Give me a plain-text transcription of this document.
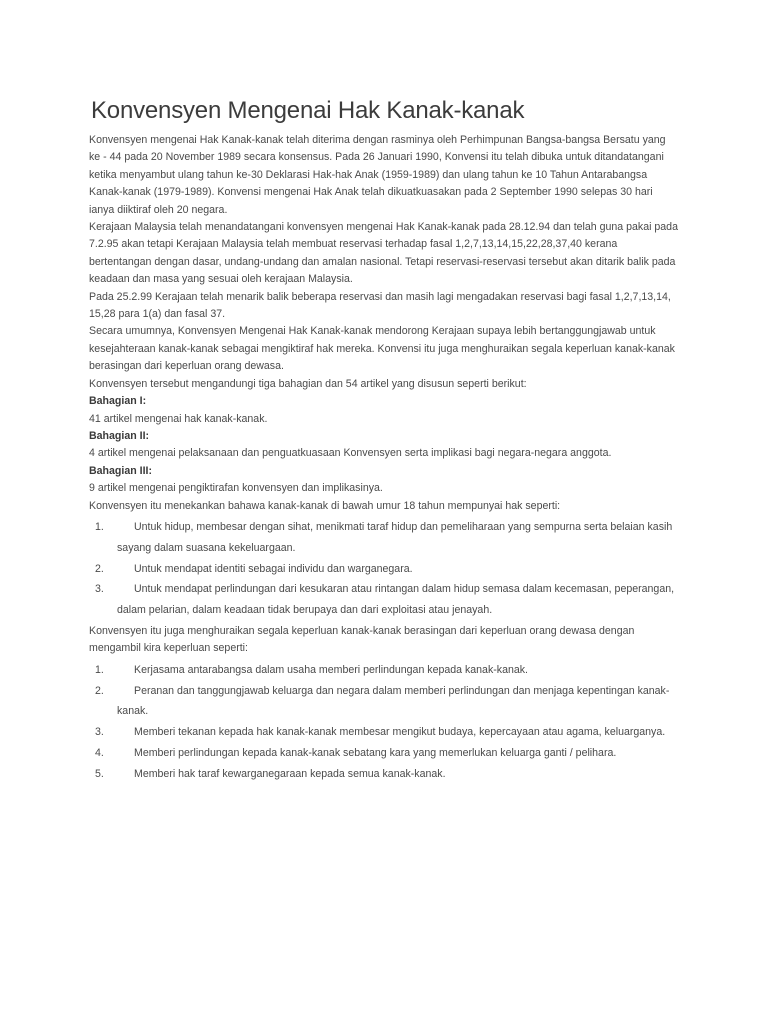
Konvensyen Mengenai Hak Kanak-kanak

Konvensyen mengenai Hak Kanak-kanak telah diterima dengan rasminya oleh Perhimpunan Bangsa-bangsa Bersatu yang ke - 44 pada 20 November 1989 secara konsensus. Pada 26 Januari 1990, Konvensi itu telah dibuka untuk ditandatangani ketika menyambut ulang tahun ke-30 Deklarasi Hak-hak Anak (1959-1989) dan ulang tahun ke 10 Tahun Antarabangsa Kanak-kanak (1979-1989). Konvensi mengenai Hak Anak telah dikuatkuasakan pada 2 September 1990 selepas 30 hari ianya diiktiraf oleh 20 negara.

Kerajaan Malaysia telah menandatangani konvensyen mengenai Hak Kanak-kanak pada 28.12.94 dan telah guna pakai pada 7.2.95 akan tetapi Kerajaan Malaysia telah membuat reservasi terhadap fasal 1,2,7,13,14,15,22,28,37,40 kerana bertentangan dengan dasar, undang-undang dan amalan nasional. Tetapi reservasi-reservasi tersebut akan ditarik balik pada keadaan dan masa yang sesuai oleh kerajaan Malaysia.

Pada 25.2.99 Kerajaan telah menarik balik beberapa reservasi dan masih lagi mengadakan reservasi bagi fasal 1,2,7,13,14, 15,28 para 1(a) dan fasal 37.

Secara umumnya, Konvensyen Mengenai Hak Kanak-kanak mendorong Kerajaan supaya lebih bertanggungjawab untuk kesejahteraan kanak-kanak sebagai mengiktiraf hak mereka. Konvensi itu juga menghuraikan segala keperluan kanak-kanak berasingan dari keperluan orang dewasa.

Konvensyen tersebut mengandungi tiga bahagian dan 54 artikel yang disusun seperti berikut:

Bahagian I:

41 artikel mengenai hak kanak-kanak.

Bahagian II:

4 artikel mengenai pelaksanaan dan penguatkuasaan Konvensyen serta implikasi bagi negara-negara anggota.

Bahagian III:

9 artikel mengenai pengiktirafan konvensyen dan implikasinya.

Konvensyen itu menekankan bahawa kanak-kanak di bawah umur 18 tahun mempunyai hak seperti:

1.	Untuk hidup, membesar dengan sihat, menikmati taraf hidup dan pemeliharaan yang sempurna serta belaian kasih sayang dalam suasana kekeluargaan.
2.	Untuk mendapat identiti sebagai individu dan warganegara.
3.	Untuk mendapat perlindungan dari kesukaran atau rintangan dalam hidup semasa dalam kecemasan, peperangan, dalam pelarian, dalam keadaan tidak berupaya dan dari exploitasi atau jenayah.

Konvensyen itu juga menghuraikan segala keperluan kanak-kanak berasingan dari keperluan orang dewasa dengan mengambil kira keperluan seperti:

1.	Kerjasama antarabangsa dalam usaha memberi perlindungan kepada kanak-kanak.
2.	Peranan dan tanggungjawab keluarga dan negara dalam memberi perlindungan dan menjaga kepentingan kanak-kanak.
3.	Memberi tekanan kepada hak kanak-kanak membesar mengikut budaya, kepercayaan atau agama, keluarganya.
4.	Memberi perlindungan kepada kanak-kanak sebatang kara yang memerlukan keluarga ganti / pelihara.
5.	Memberi hak taraf kewarganegaraan kepada semua kanak-kanak.
